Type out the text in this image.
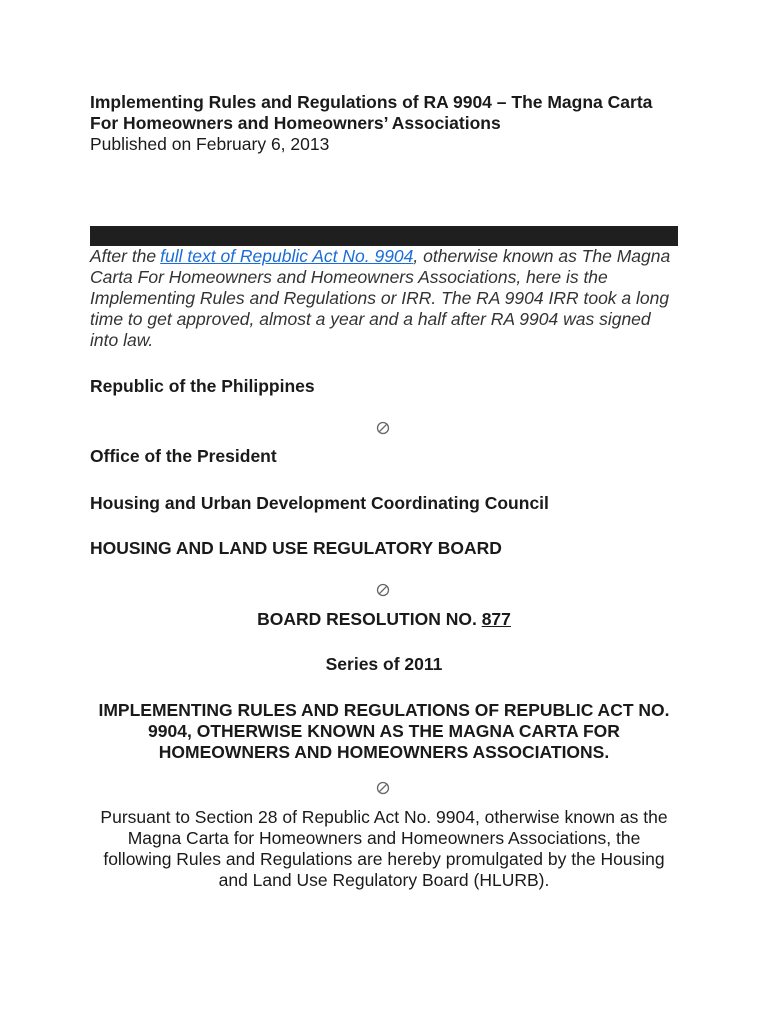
Implementing Rules and Regulations of RA 9904 – The Magna Carta For Homeowners and Homeowners’ Associations

Published on February 6, 2013

After the full text of Republic Act No. 9904, otherwise known as The Magna Carta For Homeowners and Homeowners Associations, here is the Implementing Rules and Regulations or IRR. The RA 9904 IRR took a long time to get approved, almost a year and a half after RA 9904 was signed into law.

Republic of the Philippines

Office of the President

Housing and Urban Development Coordinating Council

HOUSING AND LAND USE REGULATORY BOARD

BOARD RESOLUTION NO. 877

Series of 2011

IMPLEMENTING RULES AND REGULATIONS OF REPUBLIC ACT NO. 9904, OTHERWISE KNOWN AS THE MAGNA CARTA FOR HOMEOWNERS AND HOMEOWNERS ASSOCIATIONS.

Pursuant to Section 28 of Republic Act No. 9904, otherwise known as the Magna Carta for Homeowners and Homeowners Associations, the following Rules and Regulations are hereby promulgated by the Housing and Land Use Regulatory Board (HLURB).
